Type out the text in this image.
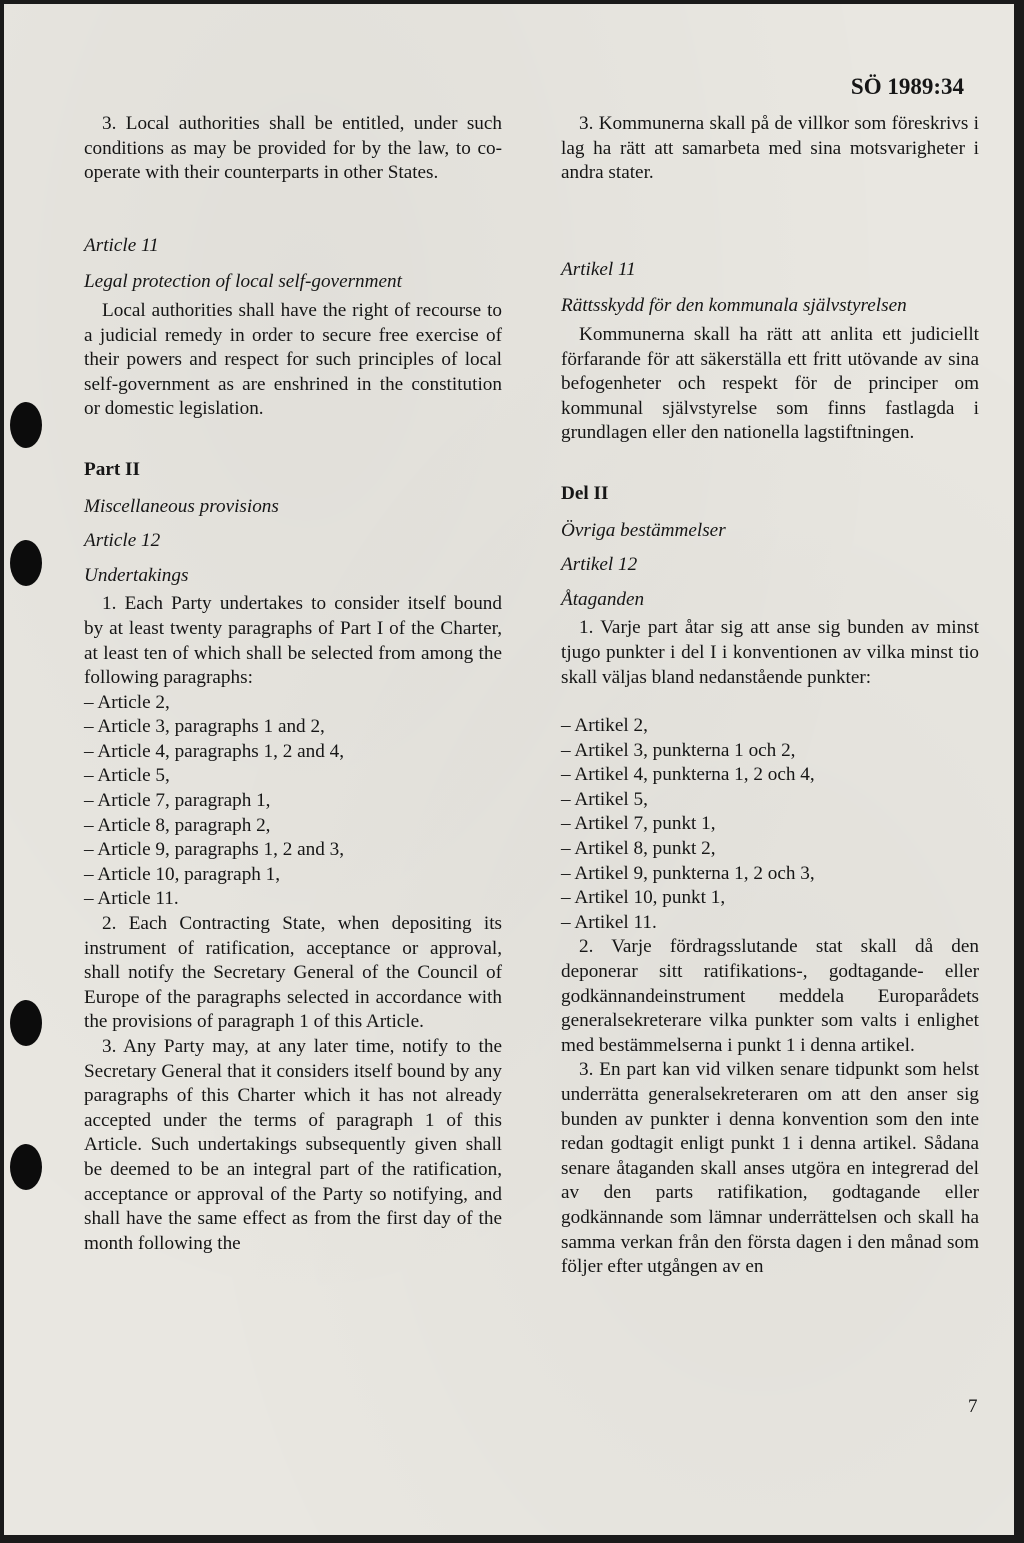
SÖ 1989:34

3. Local authorities shall be entitled, under such conditions as may be provided for by the law, to co-operate with their counterparts in other States.

Article 11

Legal protection of local self-government

Local authorities shall have the right of recourse to a judicial remedy in order to secure free exercise of their powers and respect for such principles of local self-government as are enshrined in the constitution or domestic legislation.

Part II

Miscellaneous provisions

Article 12

Undertakings

1. Each Party undertakes to consider itself bound by at least twenty paragraphs of Part I of the Charter, at least ten of which shall be selected from among the following paragraphs:

– Article 2,
– Article 3, paragraphs 1 and 2,
– Article 4, paragraphs 1, 2 and 4,
– Article 5,
– Article 7, paragraph 1,
– Article 8, paragraph 2,
– Article 9, paragraphs 1, 2 and 3,
– Article 10, paragraph 1,
– Article 11.

2. Each Contracting State, when depositing its instrument of ratification, acceptance or approval, shall notify the Secretary General of the Council of Europe of the paragraphs selected in accordance with the provisions of paragraph 1 of this Article.

3. Any Party may, at any later time, notify to the Secretary General that it considers itself bound by any paragraphs of this Charter which it has not already accepted under the terms of paragraph 1 of this Article. Such undertakings subsequently given shall be deemed to be an integral part of the ratification, acceptance or approval of the Party so notifying, and shall have the same effect as from the first day of the month following the

3. Kommunerna skall på de villkor som föreskrivs i lag ha rätt att samarbeta med sina motsvarigheter i andra stater.

Artikel 11

Rättsskydd för den kommunala självstyrelsen

Kommunerna skall ha rätt att anlita ett judiciellt förfarande för att säkerställa ett fritt utövande av sina befogenheter och respekt för de principer om kommunal självstyrelse som finns fastlagda i grundlagen eller den nationella lagstiftningen.

Del II

Övriga bestämmelser

Artikel 12

Åtaganden

1. Varje part åtar sig att anse sig bunden av minst tjugo punkter i del I i konventionen av vilka minst tio skall väljas bland nedanstående punkter:

– Artikel 2,
– Artikel 3, punkterna 1 och 2,
– Artikel 4, punkterna 1, 2 och 4,
– Artikel 5,
– Artikel 7, punkt 1,
– Artikel 8, punkt 2,
– Artikel 9, punkterna 1, 2 och 3,
– Artikel 10, punkt 1,
– Artikel 11.

2. Varje fördragsslutande stat skall då den deponerar sitt ratifikations-, godtagande- eller godkännandeinstrument meddela Europarådets generalsekreterare vilka punkter som valts i enlighet med bestämmelserna i punkt 1 i denna artikel.

3. En part kan vid vilken senare tidpunkt som helst underrätta generalsekreteraren om att den anser sig bunden av punkter i denna konvention som den inte redan godtagit enligt punkt 1 i denna artikel. Sådana senare åtaganden skall anses utgöra en integrerad del av den parts ratifikation, godtagande eller godkännande som lämnar underrättelsen och skall ha samma verkan från den första dagen i den månad som följer efter utgången av en

7
